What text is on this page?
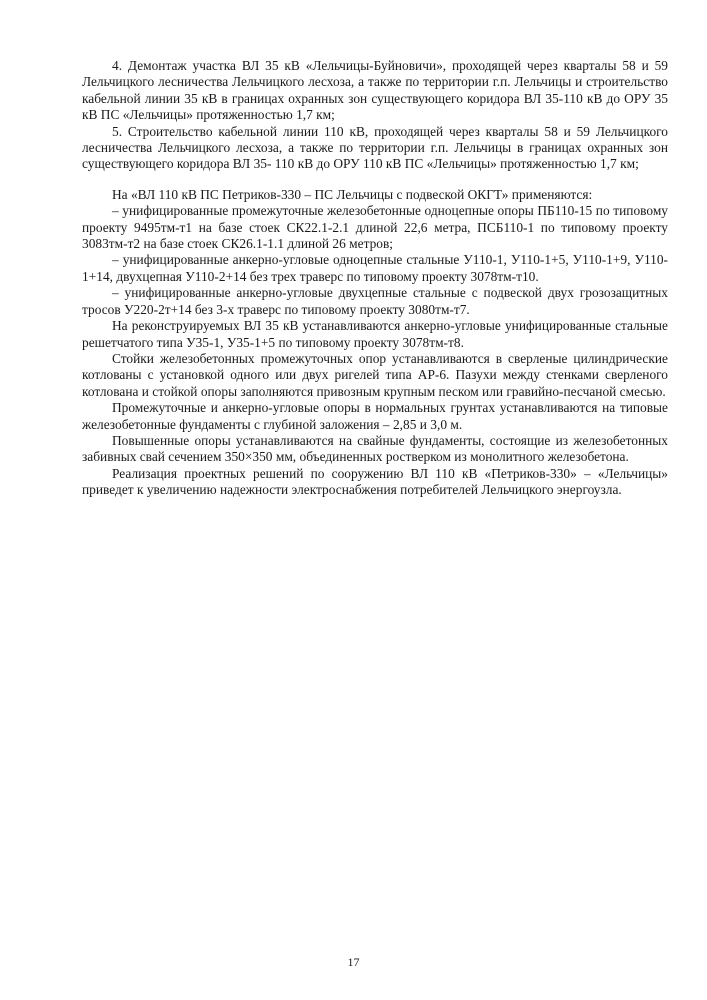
4. Демонтаж участка ВЛ 35 кВ «Лельчицы-Буйновичи», проходящей через кварталы 58 и 59 Лельчицкого лесничества Лельчицкого лесхоза, а также по территории г.п. Лельчицы и строительство кабельной линии 35 кВ в границах охранных зон существующего коридора ВЛ 35-110 кВ до ОРУ 35 кВ ПС «Лельчицы» протяженностью 1,7 км;

5. Строительство кабельной линии 110 кВ, проходящей через кварталы 58 и 59 Лельчицкого лесничества Лельчицкого лесхоза, а также по территории г.п. Лельчицы в границах охранных зон существующего коридора ВЛ 35- 110 кВ до ОРУ 110 кВ ПС «Лельчицы» протяженностью 1,7 км;

На «ВЛ 110 кВ ПС Петриков-330 – ПС Лельчицы с подвеской ОКГТ» применяются:

– унифицированные промежуточные железобетонные одноцепные опоры ПБ110-15 по типовому проекту 9495тм-т1 на базе стоек СК22.1-2.1 длиной 22,6 метра, ПСБ110-1 по типовому проекту 3083тм-т2 на базе стоек СК26.1-1.1 длиной 26 метров;

– унифицированные анкерно-угловые одноцепные стальные У110-1, У110-1+5, У110-1+9, У110-1+14, двухцепная У110-2+14 без трех траверс по типовому проекту 3078тм-т10.

– унифицированные анкерно-угловые двухцепные стальные с подвеской двух грозозащитных тросов У220-2т+14 без 3-х траверс по типовому проекту 3080тм-т7.

На реконструируемых ВЛ 35 кВ устанавливаются анкерно-угловые унифицированные стальные решетчатого типа У35-1, У35-1+5 по типовому проекту 3078тм-т8.

Стойки железобетонных промежуточных опор устанавливаются в сверленые цилиндрические котлованы с установкой одного или двух ригелей типа АР-6. Пазухи между стенками сверленого котлована и стойкой опоры заполняются привозным крупным песком или гравийно-песчаной смесью.

Промежуточные и анкерно-угловые опоры в нормальных грунтах устанавливаются на типовые железобетонные фундаменты с глубиной заложения – 2,85 и 3,0 м.

Повышенные опоры устанавливаются на свайные фундаменты, состоящие из железобетонных забивных свай сечением 350×350 мм, объединенных ростверком из монолитного железобетона.

Реализация проектных решений по сооружению ВЛ 110 кВ «Петриков-330» – «Лельчицы» приведет к увеличению надежности электроснабжения потребителей Лельчицкого энергоузла.

17
